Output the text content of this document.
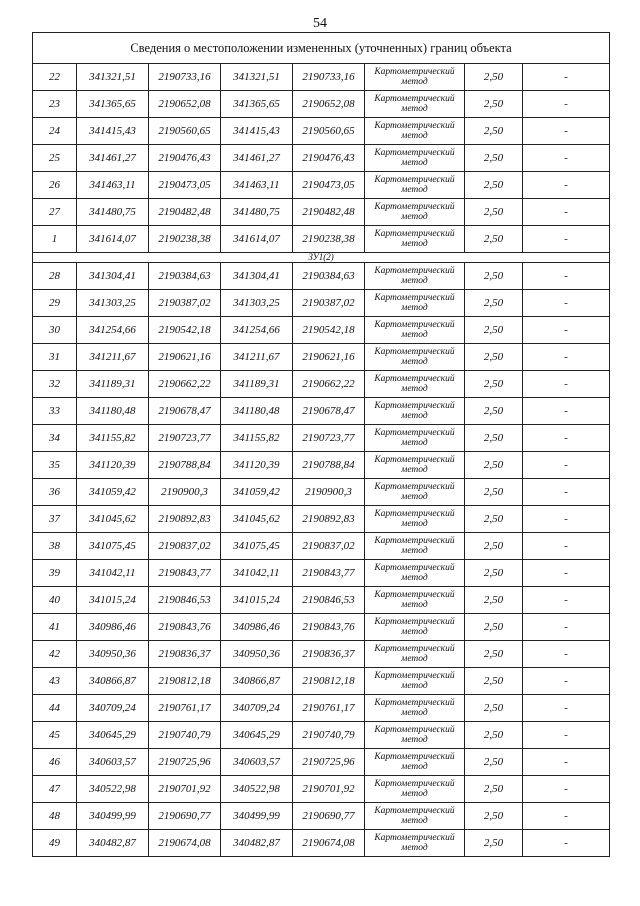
54
Сведения о местоположении измененных (уточненных) границ объекта							
22	341321,51	2190733,16	341321,51	2190733,16	Картометрический
метод	2,50	-
23	341365,65	2190652,08	341365,65	2190652,08	Картометрический
метод	2,50	-
24	341415,43	2190560,65	341415,43	2190560,65	Картометрический
метод	2,50	-
25	341461,27	2190476,43	341461,27	2190476,43	Картометрический
метод	2,50	-
26	341463,11	2190473,05	341463,11	2190473,05	Картометрический
метод	2,50	-
27	341480,75	2190482,48	341480,75	2190482,48	Картометрический
метод	2,50	-
1	341614,07	2190238,38	341614,07	2190238,38	Картометрический
метод	2,50	-
ЗУ1(2)							
28	341304,41	2190384,63	341304,41	2190384,63	Картометрический
метод	2,50	-
29	341303,25	2190387,02	341303,25	2190387,02	Картометрический
метод	2,50	-
30	341254,66	2190542,18	341254,66	2190542,18	Картометрический
метод	2,50	-
31	341211,67	2190621,16	341211,67	2190621,16	Картометрический
метод	2,50	-
32	341189,31	2190662,22	341189,31	2190662,22	Картометрический
метод	2,50	-
33	341180,48	2190678,47	341180,48	2190678,47	Картометрический
метод	2,50	-
34	341155,82	2190723,77	341155,82	2190723,77	Картометрический
метод	2,50	-
35	341120,39	2190788,84	341120,39	2190788,84	Картометрический
метод	2,50	-
36	341059,42	2190900,3	341059,42	2190900,3	Картометрический
метод	2,50	-
37	341045,62	2190892,83	341045,62	2190892,83	Картометрический
метод	2,50	-
38	341075,45	2190837,02	341075,45	2190837,02	Картометрический
метод	2,50	-
39	341042,11	2190843,77	341042,11	2190843,77	Картометрический
метод	2,50	-
40	341015,24	2190846,53	341015,24	2190846,53	Картометрический
метод	2,50	-
41	340986,46	2190843,76	340986,46	2190843,76	Картометрический
метод	2,50	-
42	340950,36	2190836,37	340950,36	2190836,37	Картометрический
метод	2,50	-
43	340866,87	2190812,18	340866,87	2190812,18	Картометрический
метод	2,50	-
44	340709,24	2190761,17	340709,24	2190761,17	Картометрический
метод	2,50	-
45	340645,29	2190740,79	340645,29	2190740,79	Картометрический
метод	2,50	-
46	340603,57	2190725,96	340603,57	2190725,96	Картометрический
метод	2,50	-
47	340522,98	2190701,92	340522,98	2190701,92	Картометрический
метод	2,50	-
48	340499,99	2190690,77	340499,99	2190690,77	Картометрический
метод	2,50	-
49	340482,87	2190674,08	340482,87	2190674,08	Картометрический
метод	2,50	-
